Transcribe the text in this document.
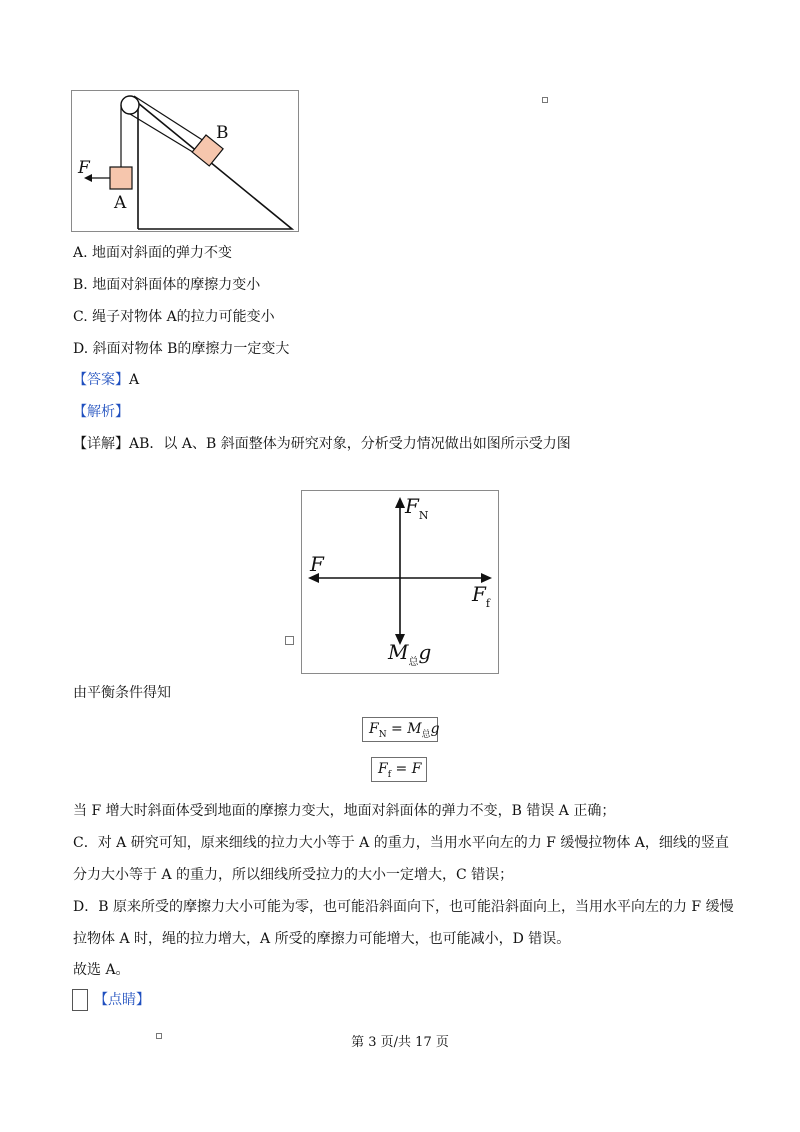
F
A
B
A. 地面对斜面的弹力不变
B. 地面对斜面体的摩擦力变小
C. 绳子对物体 A的拉力可能变小
D. 斜面对物体 B的摩擦力一定变大
【答案】A
【解析】
【详解】AB．以 A、B 斜面整体为研究对象，分析受力情况做出如图所示受力图
$F_N$
F
$F_f$
$M_总g$
由平衡条件得知
$F_N = M_总g$
$F_f = F$
当 F 增大时斜面体受到地面的摩擦力变大，地面对斜面体的弹力不变，B 错误 A 正确；
C．对 A 研究可知，原来细线的拉力大小等于 A 的重力，当用水平向左的力 F 缓慢拉物体 A，细线的竖直
分力大小等于 A 的重力，所以细线所受拉力的大小一定增大，C 错误；
D．B 原来所受的摩擦力大小可能为零，也可能沿斜面向下，也可能沿斜面向上，当用水平向左的力 F 缓慢
拉物体 A 时，绳的拉力增大，A 所受的摩擦力可能增大，也可能减小，D 错误。
故选 A。
【点睛】
第 3 页/共 17 页
